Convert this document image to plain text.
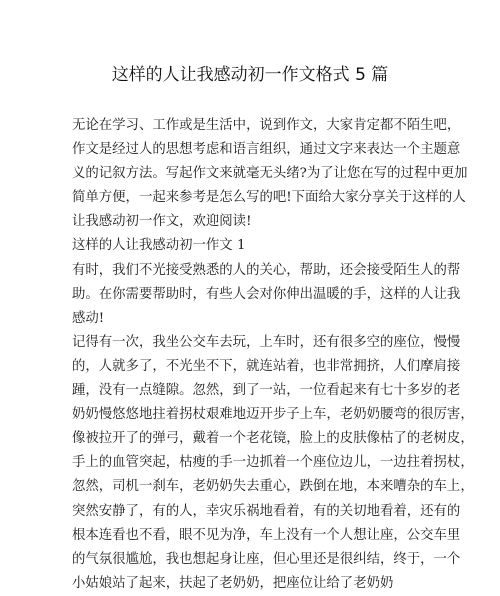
这样的人让我感动初一作文格式 5 篇
无论在学习、工作或是生活中，说到作文，大家肯定都不陌生吧，
作文是经过人的思想考虑和语言组织，通过文字来表达一个主题意
义的记叙方法。写起作文来就毫无头绪?为了让您在写的过程中更加
简单方便，一起来参考是怎么写的吧!下面给大家分享关于这样的人
让我感动初一作文，欢迎阅读!
这样的人让我感动初一作文 1
有时，我们不光接受熟悉的人的关心，帮助，还会接受陌生人的帮
助。在你需要帮助时，有些人会对你伸出温暖的手，这样的人让我
感动!
记得有一次，我坐公交车去玩，上车时，还有很多空的座位，慢慢
的，人就多了，不光坐不下，就连站着，也非常拥挤，人们摩肩接
踵，没有一点缝隙。忽然，到了一站，一位看起来有七十多岁的老
奶奶慢悠悠地拄着拐杖艰难地迈开步子上车，老奶奶腰弯的很厉害，
像被拉开了的弹弓，戴着一个老花镜，脸上的皮肤像枯了的老树皮，
手上的血管突起，枯瘦的手一边抓着一个座位边儿，一边拄着拐杖，
忽然，司机一刹车，老奶奶失去重心，跌倒在地，本来嘈杂的车上，
突然安静了，有的人，幸灾乐祸地看着，有的关切地看着，还有的
根本连看也不看，眼不见为净，车上没有一个人想让座，公交车里
的气氛很尴尬，我也想起身让座，但心里还是很纠结，终于，一个
小姑娘站了起来，扶起了老奶奶，把座位让给了老奶奶
